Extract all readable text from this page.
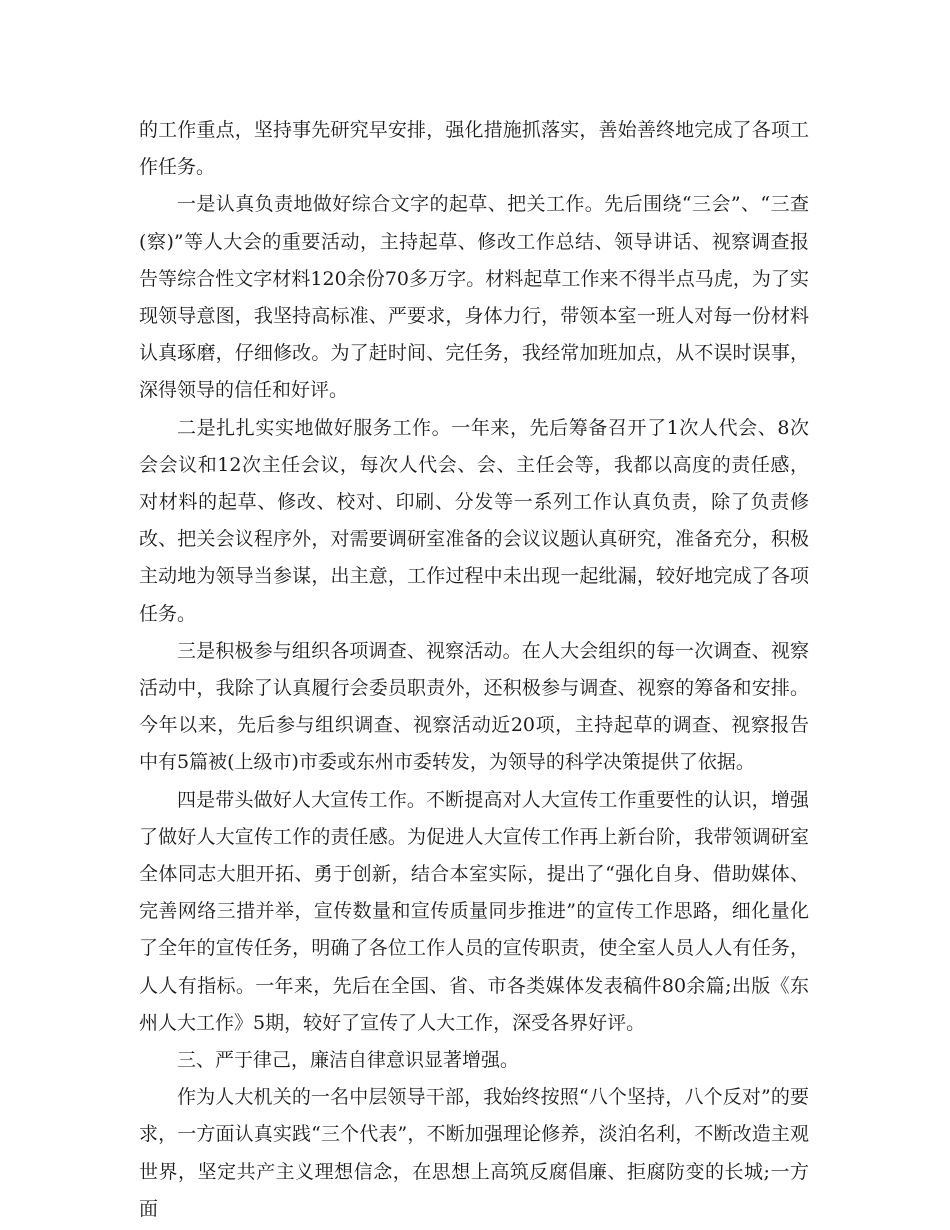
的工作重点，坚持事先研究早安排，强化措施抓落实，善始善终地完成了各项工作任务。

一是认真负责地做好综合文字的起草、把关工作。先后围绕“三会”、“三查(察)”等人大会的重要活动，主持起草、修改工作总结、领导讲话、视察调查报告等综合性文字材料120余份70多万字。材料起草工作来不得半点马虎，为了实现领导意图，我坚持高标准、严要求，身体力行，带领本室一班人对每一份材料认真琢磨，仔细修改。为了赶时间、完任务，我经常加班加点，从不误时误事，深得领导的信任和好评。

二是扎扎实实地做好服务工作。一年来，先后筹备召开了1次人代会、8次会会议和12次主任会议，每次人代会、会、主任会等，我都以高度的责任感，对材料的起草、修改、校对、印刷、分发等一系列工作认真负责，除了负责修改、把关会议程序外，对需要调研室准备的会议议题认真研究，准备充分，积极主动地为领导当参谋，出主意，工作过程中未出现一起纰漏，较好地完成了各项任务。

三是积极参与组织各项调查、视察活动。在人大会组织的每一次调查、视察活动中，我除了认真履行会委员职责外，还积极参与调查、视察的筹备和安排。今年以来，先后参与组织调查、视察活动近20项，主持起草的调查、视察报告中有5篇被(上级市)市委或东州市委转发，为领导的科学决策提供了依据。

四是带头做好人大宣传工作。不断提高对人大宣传工作重要性的认识，增强了做好人大宣传工作的责任感。为促进人大宣传工作再上新台阶，我带领调研室全体同志大胆开拓、勇于创新，结合本室实际，提出了“强化自身、借助媒体、完善网络三措并举，宣传数量和宣传质量同步推进”的宣传工作思路，细化量化了全年的宣传任务，明确了各位工作人员的宣传职责，使全室人员人人有任务，人人有指标。一年来，先后在全国、省、市各类媒体发表稿件80余篇;出版《东州人大工作》5期，较好了宣传了人大工作，深受各界好评。

三、严于律己，廉洁自律意识显著增强。

作为人大机关的一名中层领导干部，我始终按照“八个坚持，八个反对”的要求，一方面认真实践“三个代表”，不断加强理论修养，淡泊名利，不断改造主观世界，坚定共产主义理想信念，在思想上高筑反腐倡廉、拒腐防变的长城;一方面
